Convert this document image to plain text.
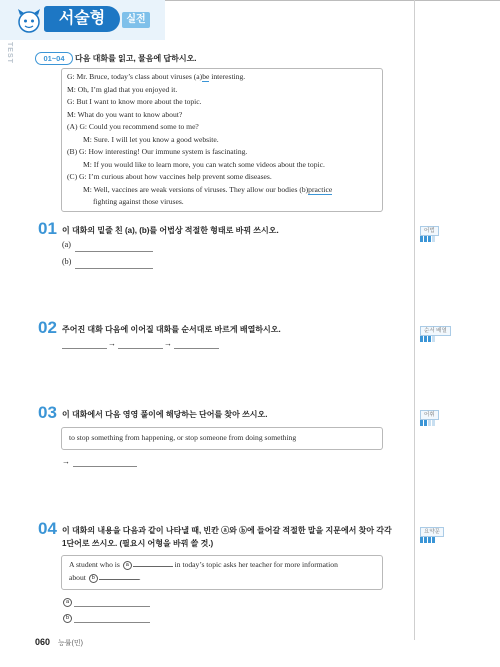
서술형	실전
TEST	01~04	다음 대화를 읽고, 물음에 답하시오.
G: Mr. Bruce, today’s class about viruses (a)be interesting.
M: Oh, I’m glad that you enjoyed it.
G: But I want to know more about the topic.
M: What do you want to know about?
(A) G: Could you recommend some to me?
M: Sure. I will let you know a good website.
(B) G: How interesting! Our immune system is fascinating.
M: If you would like to learn more, you can watch some videos about the topic.
(C) G: I’m curious about how vaccines help prevent some diseases.
M: Well, vaccines are weak versions of viruses. They allow our bodies (b)practice
fighting against those viruses.
01 이 대화의 밑줄 친 (a), (b)를 어법상 적절한 형태로 바꿔 쓰시오.
(a)
(b)
어법
02 주어진 대화 다음에 이어질 대화를 순서대로 바르게 배열하시오.
→	→
순서 배열
03 이 대화에서 다음 영영 풀이에 해당하는 단어를 찾아 쓰시오.
to stop something from happening, or stop someone from doing something
→
어휘
04 이 대화의 내용을 다음과 같이 나타낼 때, 빈칸 ⓐ와 ⓑ에 들어갈 적절한 말을 지문에서 찾아 각각
1단어로 쓰시오. (필요시 어형을 바꿔 쓸 것.)
A student who is a	in today’s topic asks her teacher for more information
about b	.
a
b
요약문
060 능률(민)
